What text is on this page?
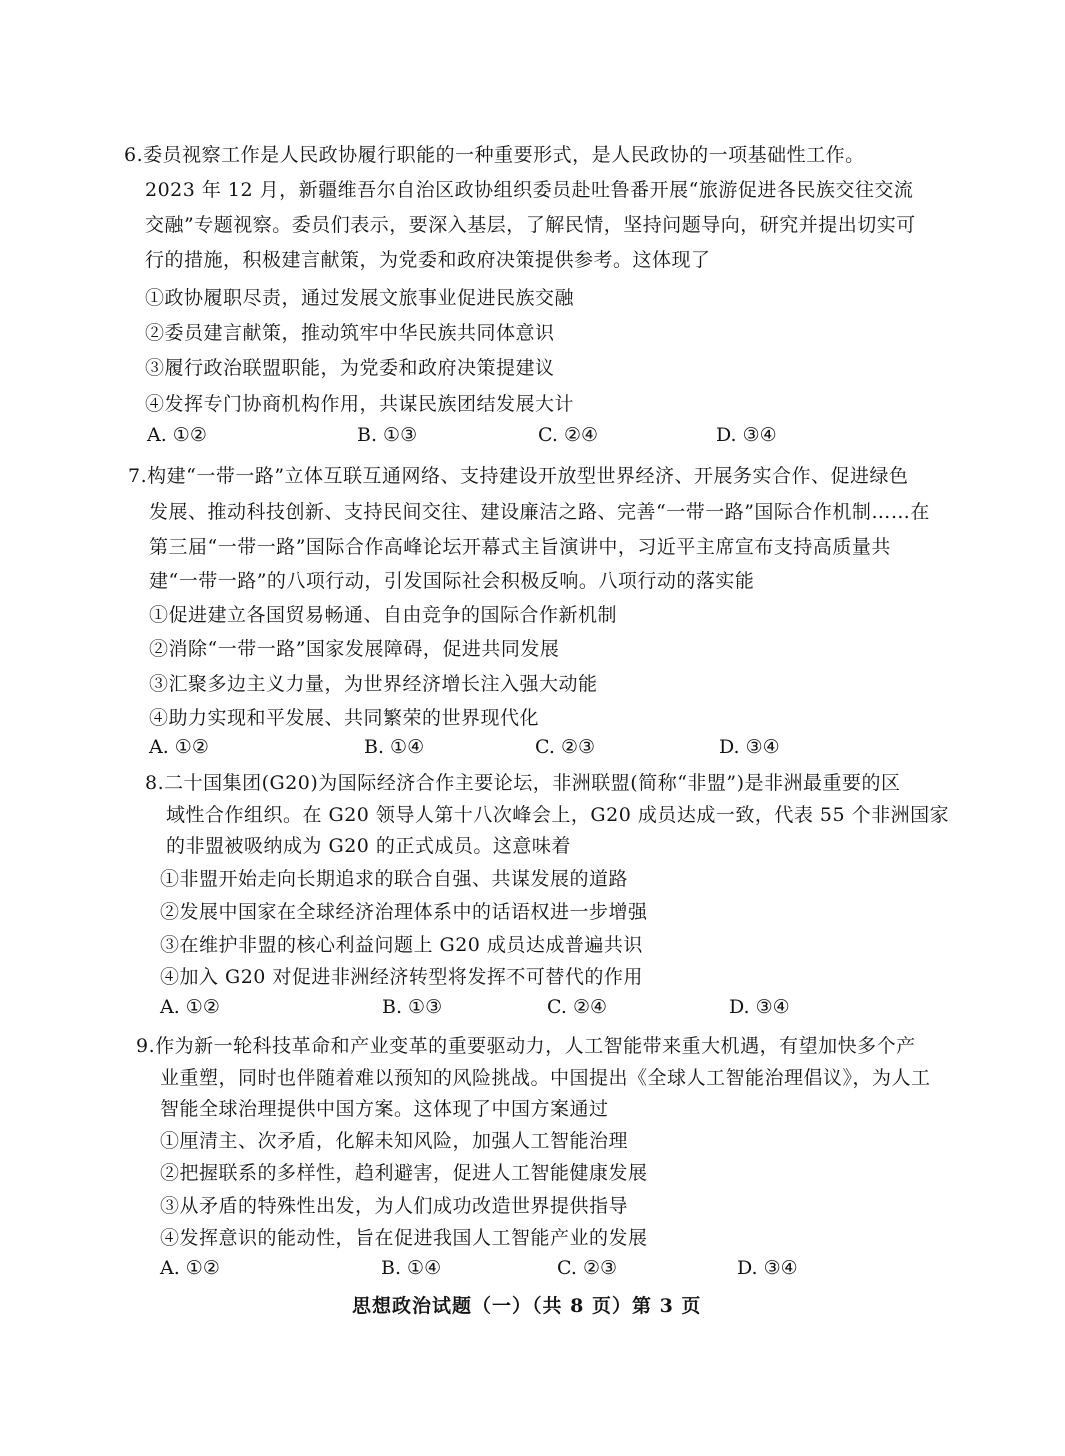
6.委员视察工作是人民政协履行职能的一种重要形式，是人民政协的一项基础性工作。
2023 年 12 月，新疆维吾尔自治区政协组织委员赴吐鲁番开展“旅游促进各民族交往交流
交融”专题视察。委员们表示，要深入基层，了解民情，坚持问题导向，研究并提出切实可
行的措施，积极建言献策，为党委和政府决策提供参考。这体现了
①政协履职尽责，通过发展文旅事业促进民族交融
②委员建言献策，推动筑牢中华民族共同体意识
③履行政治联盟职能，为党委和政府决策提建议
④发挥专门协商机构作用，共谋民族团结发展大计
A. ①②	B. ①③	C. ②④	D. ③④
7.构建“一带一路”立体互联互通网络、支持建设开放型世界经济、开展务实合作、促进绿色
发展、推动科技创新、支持民间交往、建设廉洁之路、完善“一带一路”国际合作机制……在
第三届“一带一路”国际合作高峰论坛开幕式主旨演讲中，习近平主席宣布支持高质量共
建“一带一路”的八项行动，引发国际社会积极反响。八项行动的落实能
①促进建立各国贸易畅通、自由竞争的国际合作新机制
②消除“一带一路”国家发展障碍，促进共同发展
③汇聚多边主义力量，为世界经济增长注入强大动能
④助力实现和平发展、共同繁荣的世界现代化
A. ①②	B. ①④	C. ②③	D. ③④
8.二十国集团(G20)为国际经济合作主要论坛，非洲联盟(简称“非盟”)是非洲最重要的区
域性合作组织。在 G20 领导人第十八次峰会上，G20 成员达成一致，代表 55 个非洲国家
的非盟被吸纳成为 G20 的正式成员。这意味着
①非盟开始走向长期追求的联合自强、共谋发展的道路
②发展中国家在全球经济治理体系中的话语权进一步增强
③在维护非盟的核心利益问题上 G20 成员达成普遍共识
④加入 G20 对促进非洲经济转型将发挥不可替代的作用
A. ①②	B. ①③	C. ②④	D. ③④
9.作为新一轮科技革命和产业变革的重要驱动力，人工智能带来重大机遇，有望加快多个产
业重塑，同时也伴随着难以预知的风险挑战。中国提出《全球人工智能治理倡议》，为人工
智能全球治理提供中国方案。这体现了中国方案通过
①厘清主、次矛盾，化解未知风险，加强人工智能治理
②把握联系的多样性，趋利避害，促进人工智能健康发展
③从矛盾的特殊性出发，为人们成功改造世界提供指导
④发挥意识的能动性，旨在促进我国人工智能产业的发展
A. ①②	B. ①④	C. ②③	D. ③④
思想政治试题（一）（共 8 页）第 3 页
